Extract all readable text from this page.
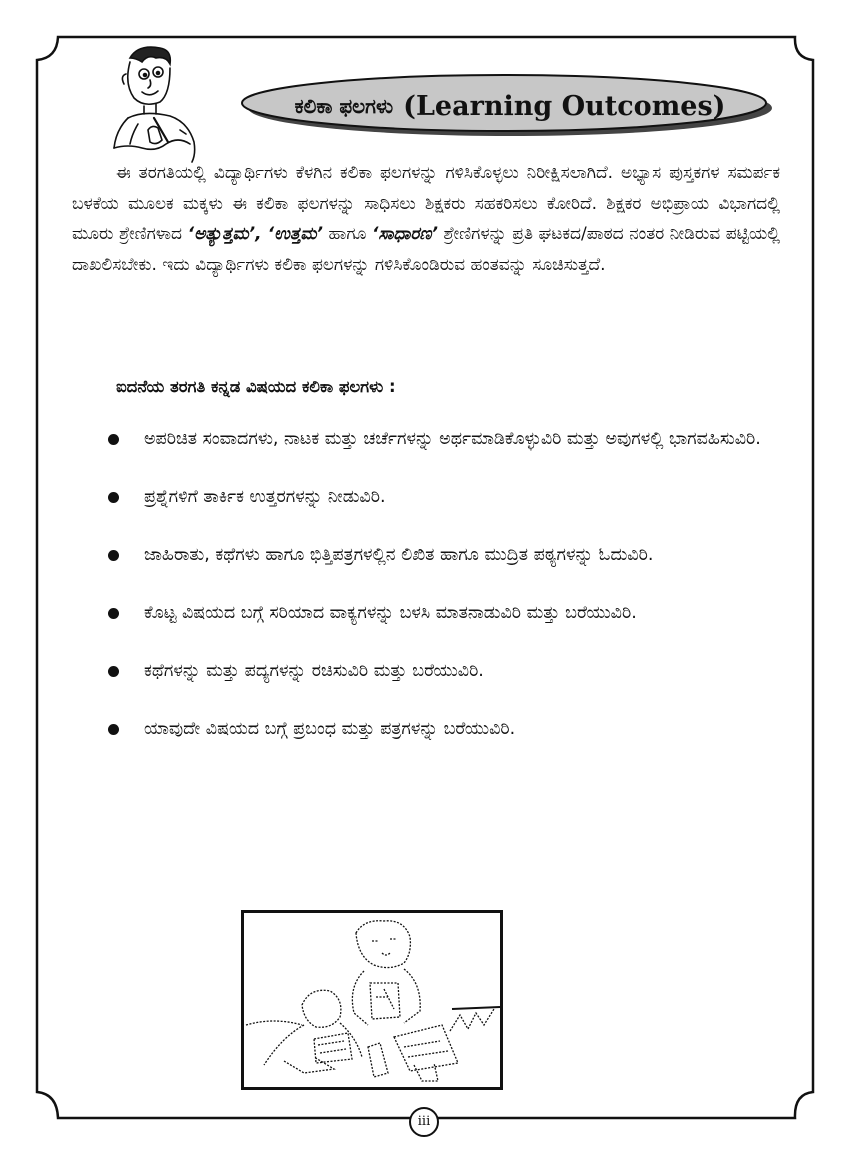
ಕಲಿಕಾ ಫಲಗಳು (Learning Outcomes)

ಈ ತರಗತಿಯಲ್ಲಿ ವಿದ್ಯಾರ್ಥಿಗಳು ಕೆಳಗಿನ ಕಲಿಕಾ ಫಲಗಳನ್ನು ಗಳಿಸಿಕೊಳ್ಳಲು ನಿರೀಕ್ಷಿಸಲಾಗಿದೆ. ಅಭ್ಯಾಸ ಪುಸ್ತಕಗಳ ಸಮರ್ಪಕ ಬಳಕೆಯ ಮೂಲಕ ಮಕ್ಕಳು ಈ ಕಲಿಕಾ ಫಲಗಳನ್ನು ಸಾಧಿಸಲು ಶಿಕ್ಷಕರು ಸಹಕರಿಸಲು ಕೋರಿದೆ. ಶಿಕ್ಷಕರ ಅಭಿಪ್ರಾಯ ವಿಭಾಗದಲ್ಲಿ ಮೂರು ಶ್ರೇಣಿಗಳಾದ ‘ಅತ್ಯುತ್ತಮ’, ‘ಉತ್ತಮ’ ಹಾಗೂ ‘ಸಾಧಾರಣ’ ಶ್ರೇಣಿಗಳನ್ನು ಪ್ರತಿ ಘಟಕದ/ಪಾಠದ ನಂತರ ನೀಡಿರುವ ಪಟ್ಟಿಯಲ್ಲಿ ದಾಖಲಿಸಬೇಕು. ಇದು ವಿದ್ಯಾರ್ಥಿಗಳು ಕಲಿಕಾ ಫಲಗಳನ್ನು ಗಳಿಸಿಕೊಂಡಿರುವ ಹಂತವನ್ನು ಸೂಚಿಸುತ್ತದೆ.

ಐದನೆಯ ತರಗತಿ ಕನ್ನಡ ವಿಷಯದ ಕಲಿಕಾ ಫಲಗಳು :

ಅಪರಿಚಿತ ಸಂವಾದಗಳು, ನಾಟಕ ಮತ್ತು ಚರ್ಚೆಗಳನ್ನು ಅರ್ಥಮಾಡಿಕೊಳ್ಳುವಿರಿ ಮತ್ತು ಅವುಗಳಲ್ಲಿ ಭಾಗವಹಿಸುವಿರಿ.
ಪ್ರಶ್ನೆಗಳಿಗೆ ತಾರ್ಕಿಕ ಉತ್ತರಗಳನ್ನು ನೀಡುವಿರಿ.
ಜಾಹಿರಾತು, ಕಥೆಗಳು ಹಾಗೂ ಭಿತ್ತಿಪತ್ರಗಳಲ್ಲಿನ ಲಿಖಿತ ಹಾಗೂ ಮುದ್ರಿತ ಪಠ್ಯಗಳನ್ನು ಓದುವಿರಿ.
ಕೊಟ್ಟ ವಿಷಯದ ಬಗ್ಗೆ ಸರಿಯಾದ ವಾಕ್ಯಗಳನ್ನು ಬಳಸಿ ಮಾತನಾಡುವಿರಿ ಮತ್ತು ಬರೆಯುವಿರಿ.
ಕಥೆಗಳನ್ನು ಮತ್ತು ಪದ್ಯಗಳನ್ನು ರಚಿಸುವಿರಿ ಮತ್ತು ಬರೆಯುವಿರಿ.
ಯಾವುದೇ ವಿಷಯದ ಬಗ್ಗೆ ಪ್ರಬಂಧ ಮತ್ತು ಪತ್ರಗಳನ್ನು ಬರೆಯುವಿರಿ.
iii
